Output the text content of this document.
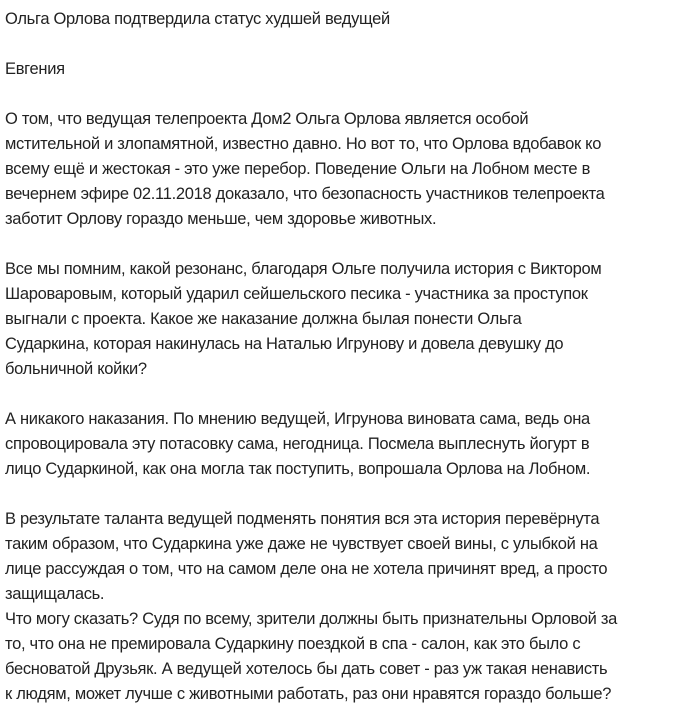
Ольга Орлова подтвердила статус худшей ведущей
Евгения
О том, что ведущая телепроекта Дом2 Ольга Орлова является особой
мстительной и злопамятной, известно давно. Но вот то, что Орлова вдобавок ко
всему ещё и жестокая - это уже перебор. Поведение Ольги на Лобном месте в
вечернем эфире 02.11.2018 доказало, что безопасность участников телепроекта
заботит Орлову гораздо меньше, чем здоровье животных.
Все мы помним, какой резонанс, благодаря Ольге получила история с Виктором
Шароваровым, который ударил сейшельского песика - участника за проступок
выгнали с проекта. Какое же наказание должна былая понести Ольга
Сударкина, которая накинулась на Наталью Игрунову и довела девушку до
больничной койки?
А никакого наказания. По мнению ведущей, Игрунова виновата сама, ведь она
спровоцировала эту потасовку сама, негодница. Посмела выплеснуть йогурт в
лицо Сударкиной, как она могла так поступить, вопрошала Орлова на Лобном.
В результате таланта ведущей подменять понятия вся эта история перевёрнута
таким образом, что Сударкина уже даже не чувствует своей вины, с улыбкой на
лице рассуждая о том, что на самом деле она не хотела причинят вред, а просто
защищалась.
Что могу сказать? Судя по всему, зрители должны быть признательны Орловой за
то, что она не премировала Сударкину поездкой в спа - салон, как это было с
бесноватой Друзьяк. А ведущей хотелось бы дать совет - раз уж такая ненависть
к людям, может лучше с животными работать, раз они нравятся гораздо больше?
